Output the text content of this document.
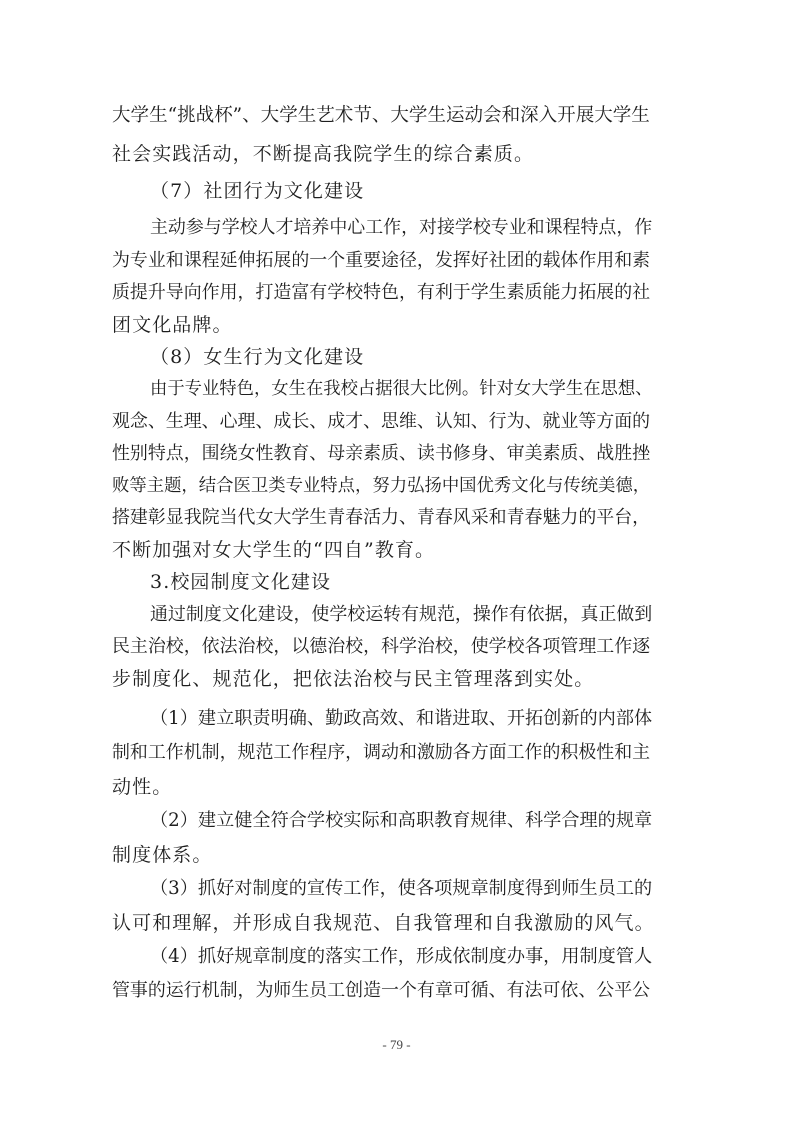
大学生“挑战杯”、大学生艺术节、大学生运动会和深入开展大学生
社会实践活动，不断提高我院学生的综合素质。
（7）社团行为文化建设
主动参与学校人才培养中心工作，对接学校专业和课程特点，作
为专业和课程延伸拓展的一个重要途径，发挥好社团的载体作用和素
质提升导向作用，打造富有学校特色，有利于学生素质能力拓展的社
团文化品牌。
（8）女生行为文化建设
由于专业特色，女生在我校占据很大比例。针对女大学生在思想、
观念、生理、心理、成长、成才、思维、认知、行为、就业等方面的
性别特点，围绕女性教育、母亲素质、读书修身、审美素质、战胜挫
败等主题，结合医卫类专业特点，努力弘扬中国优秀文化与传统美德，
搭建彰显我院当代女大学生青春活力、青春风采和青春魅力的平台，
不断加强对女大学生的“四自”教育。
3.校园制度文化建设
通过制度文化建设，使学校运转有规范，操作有依据，真正做到
民主治校，依法治校，以德治校，科学治校，使学校各项管理工作逐
步制度化、规范化，把依法治校与民主管理落到实处。
（1）建立职责明确、勤政高效、和谐进取、开拓创新的内部体
制和工作机制，规范工作程序，调动和激励各方面工作的积极性和主
动性。
（2）建立健全符合学校实际和高职教育规律、科学合理的规章
制度体系。
（3）抓好对制度的宣传工作，使各项规章制度得到师生员工的
认可和理解，并形成自我规范、自我管理和自我激励的风气。
（4）抓好规章制度的落实工作，形成依制度办事，用制度管人
管事的运行机制，为师生员工创造一个有章可循、有法可依、公平公
- 79 -
